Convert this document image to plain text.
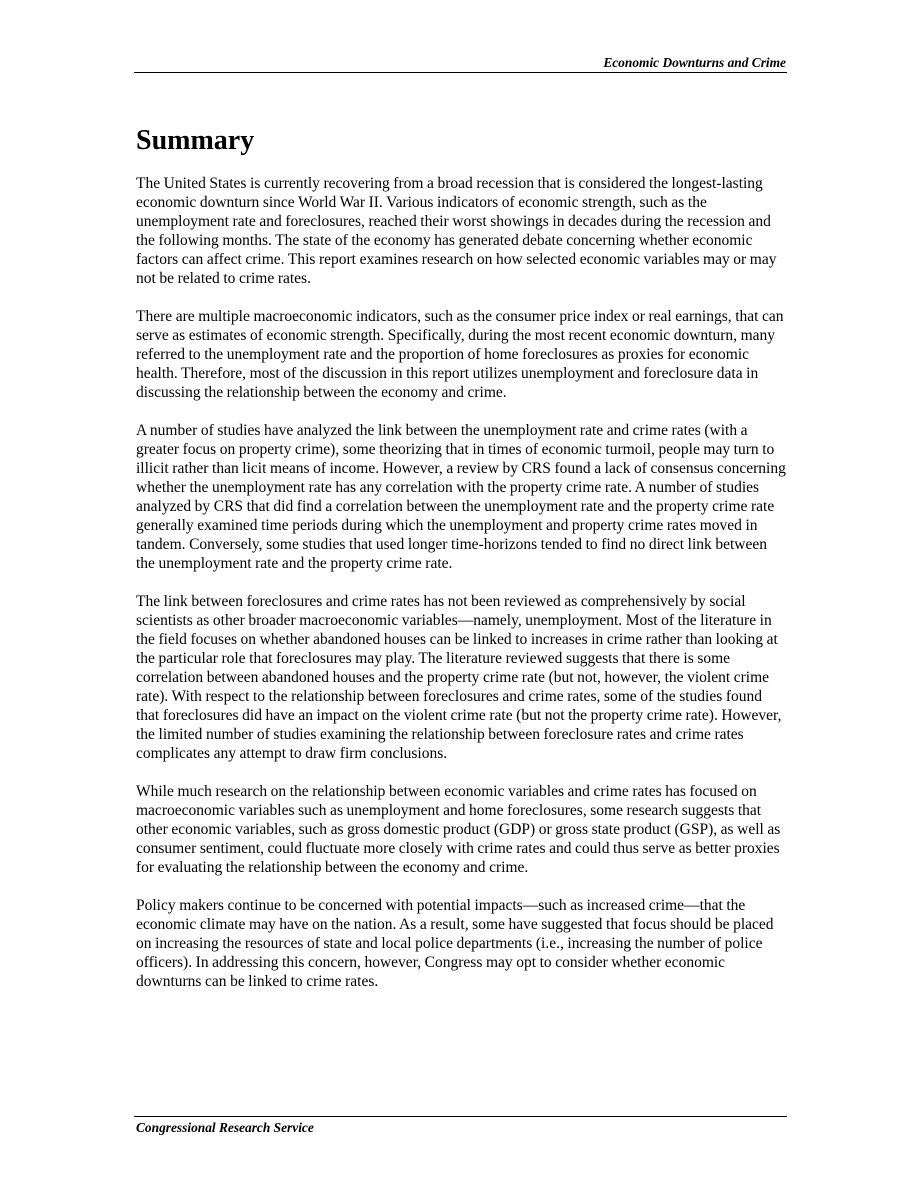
Economic Downturns and Crime
Summary

The United States is currently recovering from a broad recession that is considered the longest-lasting economic downturn since World War II. Various indicators of economic strength, such as the unemployment rate and foreclosures, reached their worst showings in decades during the recession and the following months. The state of the economy has generated debate concerning whether economic factors can affect crime. This report examines research on how selected economic variables may or may not be related to crime rates.

There are multiple macroeconomic indicators, such as the consumer price index or real earnings, that can serve as estimates of economic strength. Specifically, during the most recent economic downturn, many referred to the unemployment rate and the proportion of home foreclosures as proxies for economic health. Therefore, most of the discussion in this report utilizes unemployment and foreclosure data in discussing the relationship between the economy and crime.

A number of studies have analyzed the link between the unemployment rate and crime rates (with a greater focus on property crime), some theorizing that in times of economic turmoil, people may turn to illicit rather than licit means of income. However, a review by CRS found a lack of consensus concerning whether the unemployment rate has any correlation with the property crime rate. A number of studies analyzed by CRS that did find a correlation between the unemployment rate and the property crime rate generally examined time periods during which the unemployment and property crime rates moved in tandem. Conversely, some studies that used longer time-horizons tended to find no direct link between the unemployment rate and the property crime rate.

The link between foreclosures and crime rates has not been reviewed as comprehensively by social scientists as other broader macroeconomic variables—namely, unemployment. Most of the literature in the field focuses on whether abandoned houses can be linked to increases in crime rather than looking at the particular role that foreclosures may play. The literature reviewed suggests that there is some correlation between abandoned houses and the property crime rate (but not, however, the violent crime rate). With respect to the relationship between foreclosures and crime rates, some of the studies found that foreclosures did have an impact on the violent crime rate (but not the property crime rate). However, the limited number of studies examining the relationship between foreclosure rates and crime rates complicates any attempt to draw firm conclusions.

While much research on the relationship between economic variables and crime rates has focused on macroeconomic variables such as unemployment and home foreclosures, some research suggests that other economic variables, such as gross domestic product (GDP) or gross state product (GSP), as well as consumer sentiment, could fluctuate more closely with crime rates and could thus serve as better proxies for evaluating the relationship between the economy and crime.

Policy makers continue to be concerned with potential impacts—such as increased crime—that the economic climate may have on the nation. As a result, some have suggested that focus should be placed on increasing the resources of state and local police departments (i.e., increasing the number of police officers). In addressing this concern, however, Congress may opt to consider whether economic downturns can be linked to crime rates.

Congressional Research Service
